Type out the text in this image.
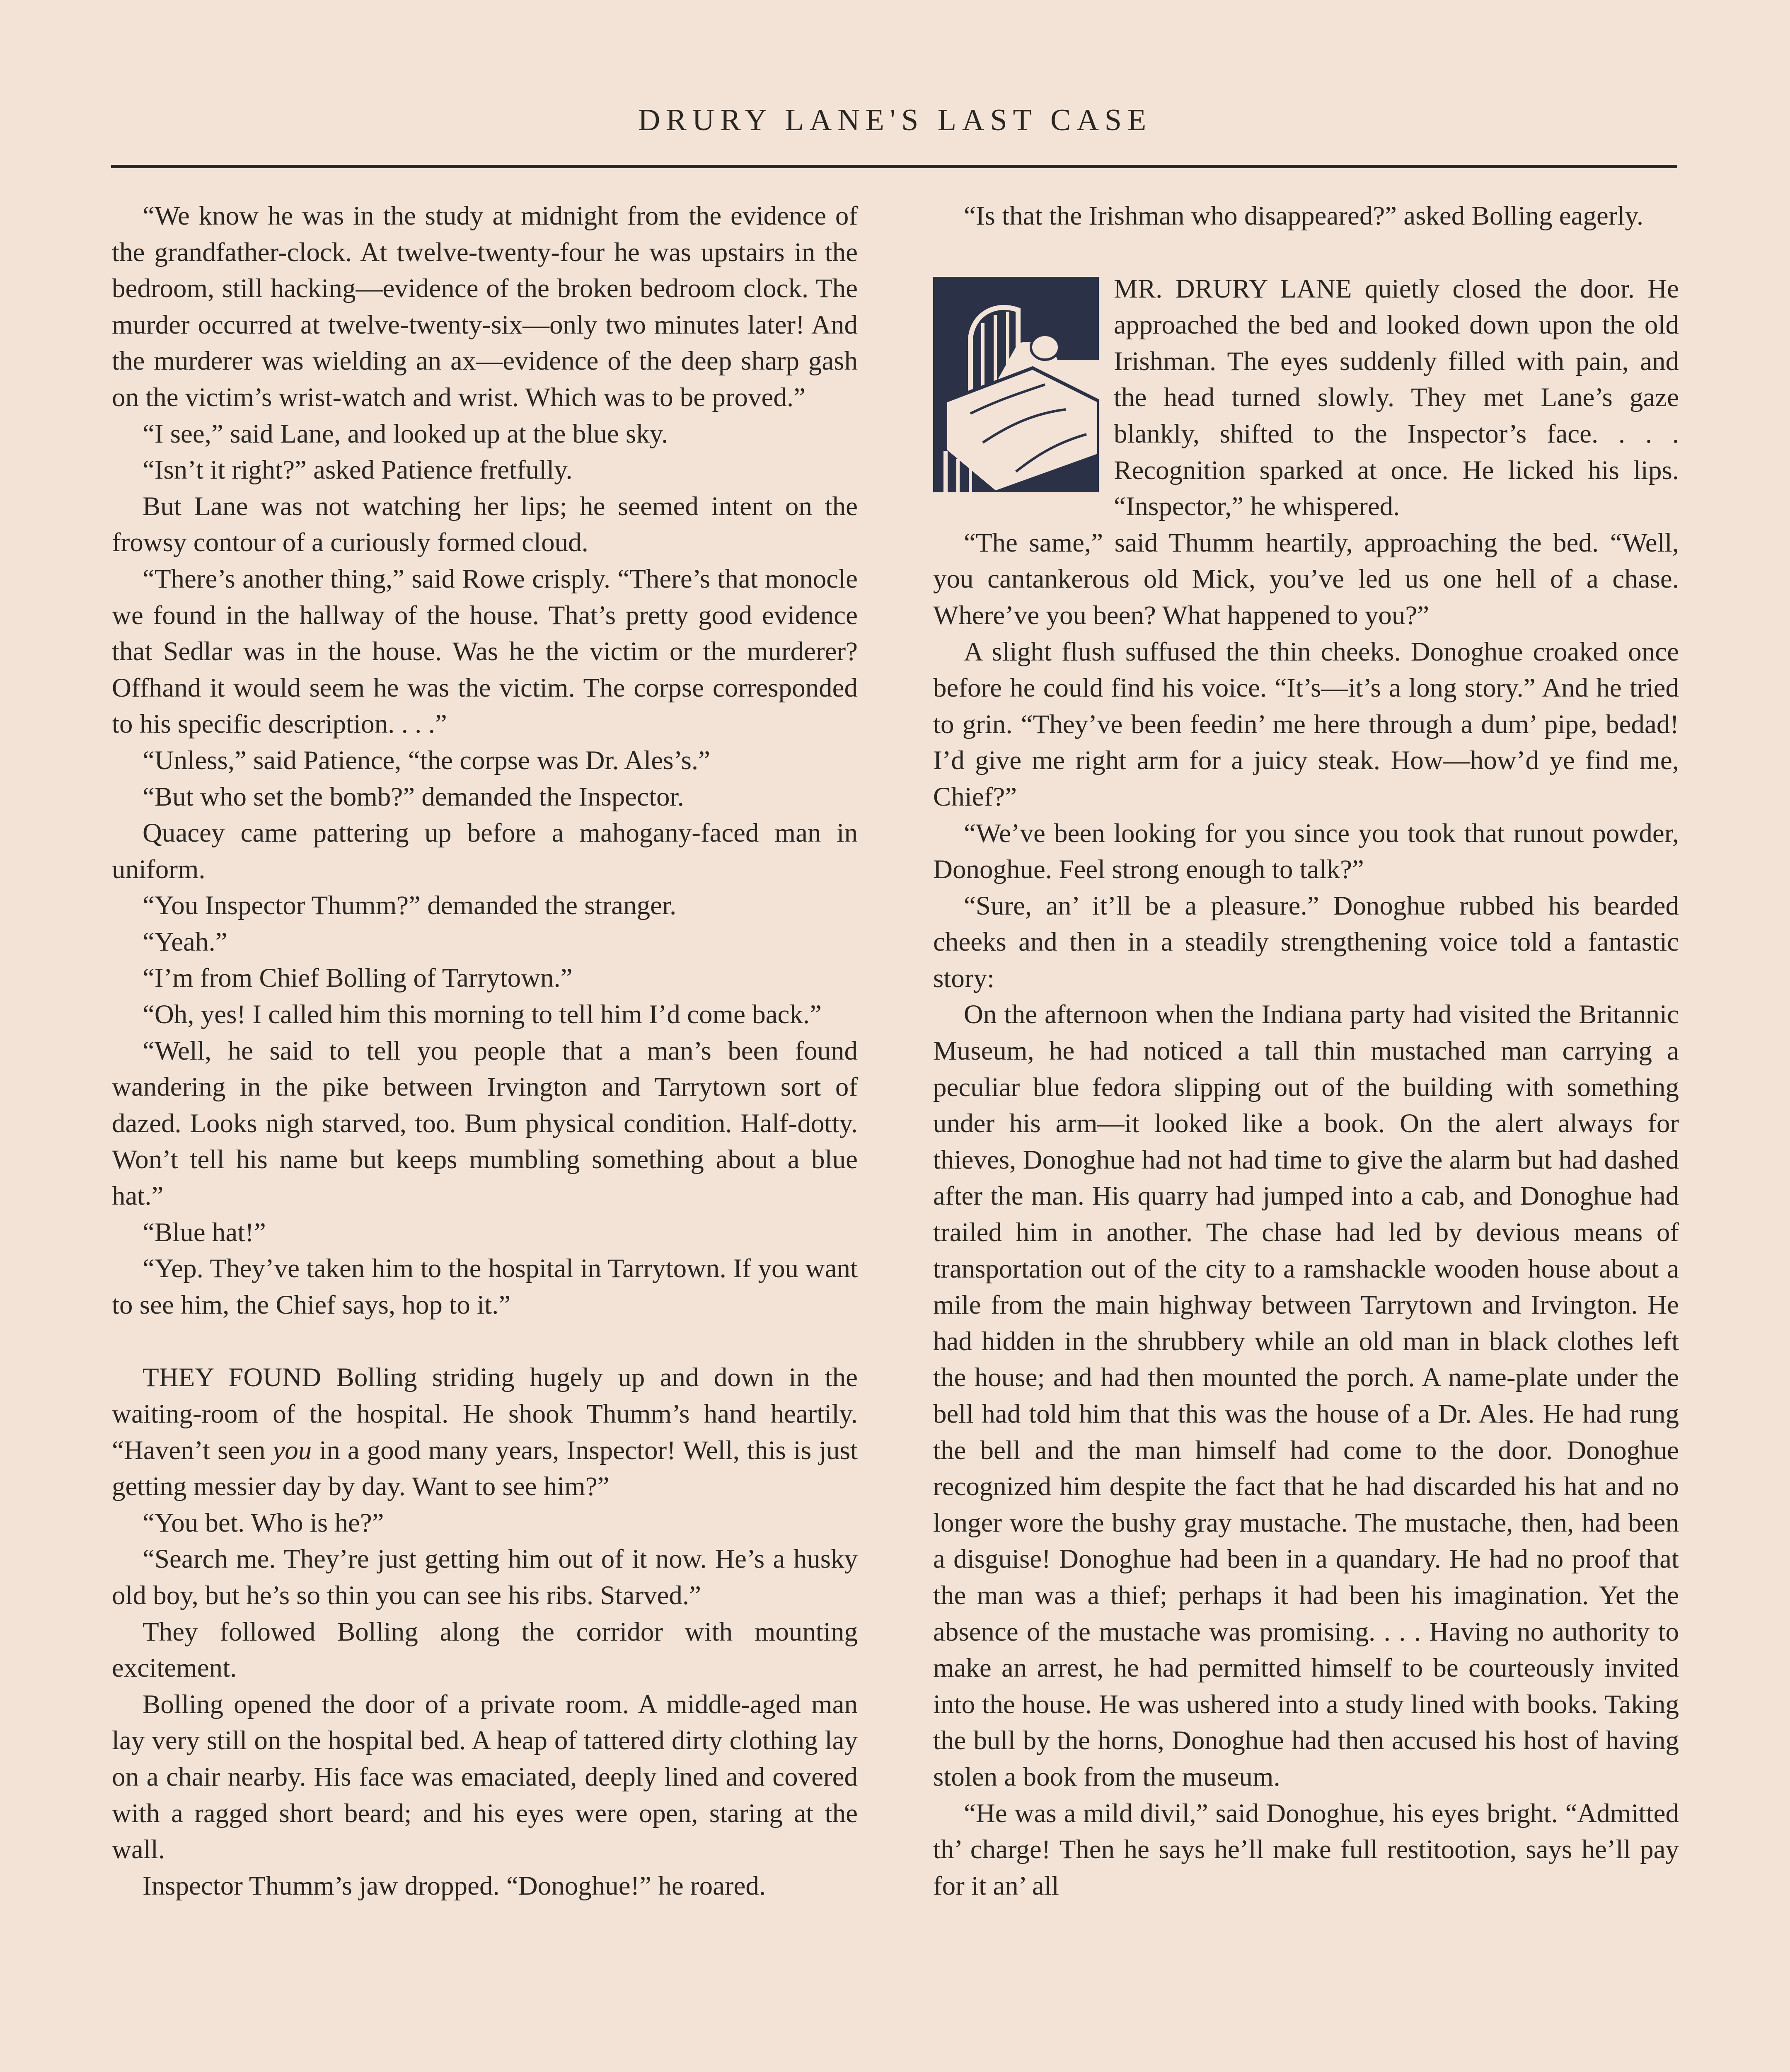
DRURY LANE'S LAST CASE

“We know he was in the study at midnight from the evidence of the grandfather-clock. At twelve-twenty-four he was upstairs in the bedroom, still hacking—evidence of the broken bedroom clock. The murder occurred at twelve-twenty-six—only two minutes later! And the murderer was wielding an ax—evidence of the deep sharp gash on the victim’s wrist-watch and wrist. Which was to be proved.”

“I see,” said Lane, and looked up at the blue sky.

“Isn’t it right?” asked Patience fretfully.

But Lane was not watching her lips; he seemed intent on the frowsy contour of a curiously formed cloud.

“There’s another thing,” said Rowe crisply. “There’s that monocle we found in the hallway of the house. That’s pretty good evidence that Sedlar was in the house. Was he the victim or the murderer? Offhand it would seem he was the victim. The corpse corresponded to his specific description. . . .”

“Unless,” said Patience, “the corpse was Dr. Ales’s.”

“But who set the bomb?” demanded the Inspector.

Quacey came pattering up before a mahogany-faced man in uniform.

“You Inspector Thumm?” demanded the stranger.

“Yeah.”

“I’m from Chief Bolling of Tarrytown.”

“Oh, yes! I called him this morning to tell him I’d come back.”

“Well, he said to tell you people that a man’s been found wandering in the pike between Irvington and Tarrytown sort of dazed. Looks nigh starved, too. Bum physical condition. Half-dotty. Won’t tell his name but keeps mumbling something about a blue hat.”

“Blue hat!”

“Yep. They’ve taken him to the hospital in Tarrytown. If you want to see him, the Chief says, hop to it.”

THEY FOUND Bolling striding hugely up and down in the waiting-room of the hospital. He shook Thumm’s hand heartily. “Haven’t seen you in a good many years, Inspector! Well, this is just getting messier day by day. Want to see him?”

“You bet. Who is he?”

“Search me. They’re just getting him out of it now. He’s a husky old boy, but he’s so thin you can see his ribs. Starved.”

They followed Bolling along the corridor with mounting excitement.

Bolling opened the door of a private room. A middle-aged man lay very still on the hospital bed. A heap of tattered dirty clothing lay on a chair nearby. His face was emaciated, deeply lined and covered with a ragged short beard; and his eyes were open, staring at the wall.

Inspector Thumm’s jaw dropped. “Donoghue!” he roared.

“Is that the Irishman who disappeared?” asked Bolling eagerly.

MR. DRURY LANE quietly closed the door. He approached the bed and looked down upon the old Irishman. The eyes suddenly filled with pain, and the head turned slowly. They met Lane’s gaze blankly, shifted to the Inspector’s face. . . . Recognition sparked at once. He licked his lips. “Inspector,” he whispered.

“The same,” said Thumm heartily, approaching the bed. “Well, you cantankerous old Mick, you’ve led us one hell of a chase. Where’ve you been? What happened to you?”

A slight flush suffused the thin cheeks. Donoghue croaked once before he could find his voice. “It’s—it’s a long story.” And he tried to grin. “They’ve been feedin’ me here through a dum’ pipe, bedad! I’d give me right arm for a juicy steak. How—how’d ye find me, Chief?”

“We’ve been looking for you since you took that runout powder, Donoghue. Feel strong enough to talk?”

“Sure, an’ it’ll be a pleasure.” Donoghue rubbed his bearded cheeks and then in a steadily strengthening voice told a fantastic story:

On the afternoon when the Indiana party had visited the Britannic Museum, he had noticed a tall thin mustached man carrying a peculiar blue fedora slipping out of the building with something under his arm—it looked like a book. On the alert always for thieves, Donoghue had not had time to give the alarm but had dashed after the man. His quarry had jumped into a cab, and Donoghue had trailed him in another. The chase had led by devious means of transportation out of the city to a ramshackle wooden house about a mile from the main highway between Tarrytown and Irvington. He had hidden in the shrubbery while an old man in black clothes left the house; and had then mounted the porch. A name-plate under the bell had told him that this was the house of a Dr. Ales. He had rung the bell and the man himself had come to the door. Donoghue recognized him despite the fact that he had discarded his hat and no longer wore the bushy gray mustache. The mustache, then, had been a disguise! Donoghue had been in a quandary. He had no proof that the man was a thief; perhaps it had been his imagination. Yet the absence of the mustache was promising. . . . Having no authority to make an arrest, he had permitted himself to be courteously invited into the house. He was ushered into a study lined with books. Taking the bull by the horns, Donoghue had then accused his host of having stolen a book from the museum.

“He was a mild divil,” said Donoghue, his eyes bright. “Admitted th’ charge! Then he says he’ll make full restitootion, says he’ll pay for it an’ all
